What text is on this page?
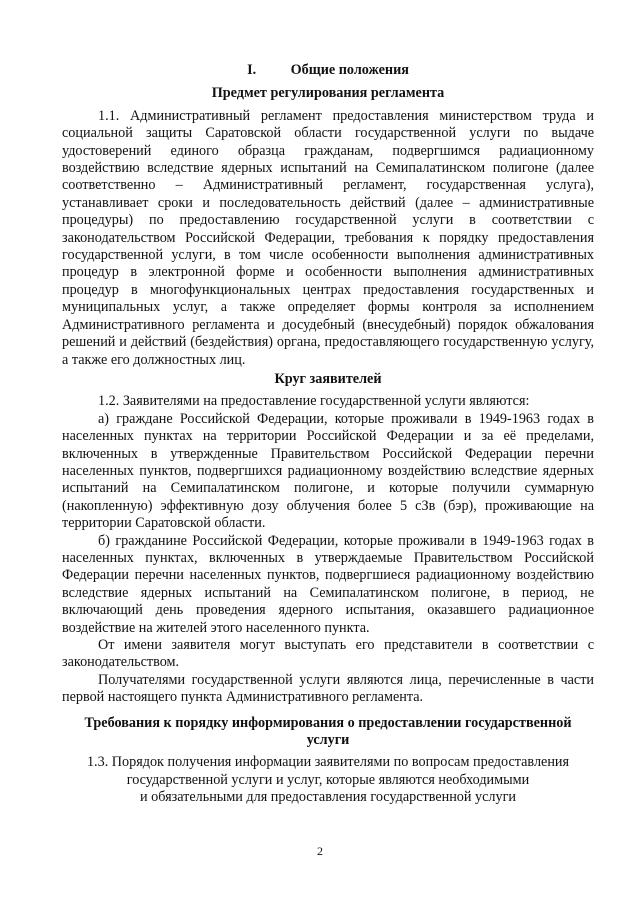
I. Общие положения
Предмет регулирования регламента

1.1. Административный регламент предоставления министерством труда и социальной защиты Саратовской области государственной услуги по выдаче удостоверений единого образца гражданам, подвергшимся радиационному воздействию вследствие ядерных испытаний на Семипалатинском полигоне (далее соответственно – Административный регламент, государственная услуга), устанавливает сроки и последовательность действий (далее – административные процедуры) по предоставлению государственной услуги в соответствии с законодательством Российской Федерации, требования к порядку предоставления государственной услуги, в том числе особенности выполнения административных процедур в электронной форме и особенности выполнения административных процедур в многофункциональных центрах предоставления государственных и муниципальных услуг, а также определяет формы контроля за исполнением Административного регламента и досудебный (внесудебный) порядок обжалования решений и действий (бездействия) органа, предоставляющего государственную услугу, а также его должностных лиц.

Круг заявителей

1.2. Заявителями на предоставление государственной услуги являются:

а) граждане Российской Федерации, которые проживали в 1949-1963 годах в населенных пунктах на территории Российской Федерации и за её пределами, включенных в утвержденные Правительством Российской Федерации перечни населенных пунктов, подвергшихся радиационному воздействию вследствие ядерных испытаний на Семипалатинском полигоне, и которые получили суммарную (накопленную) эффективную дозу облучения более 5 сЗв (бэр), проживающие на территории Саратовской области.

б) гражданине Российской Федерации, которые проживали в 1949-1963 годах в населенных пунктах, включенных в утверждаемые Правительством Российской Федерации перечни населенных пунктов, подвергшиеся радиационному воздействию вследствие ядерных испытаний на Семипалатинском полигоне, в период, не включающий день проведения ядерного испытания, оказавшего радиационное воздействие на жителей этого населенного пункта.

От имени заявителя могут выступать его представители в соответствии с законодательством.

Получателями государственной услуги являются лица, перечисленные в части первой настоящего пункта Административного регламента.

Требования к порядку информирования о предоставлении государственной услуги
1.3. Порядок получения информации заявителями по вопросам предоставления
государственной услуги и услуг, которые являются необходимыми
и обязательными для предоставления государственной услуги
2
